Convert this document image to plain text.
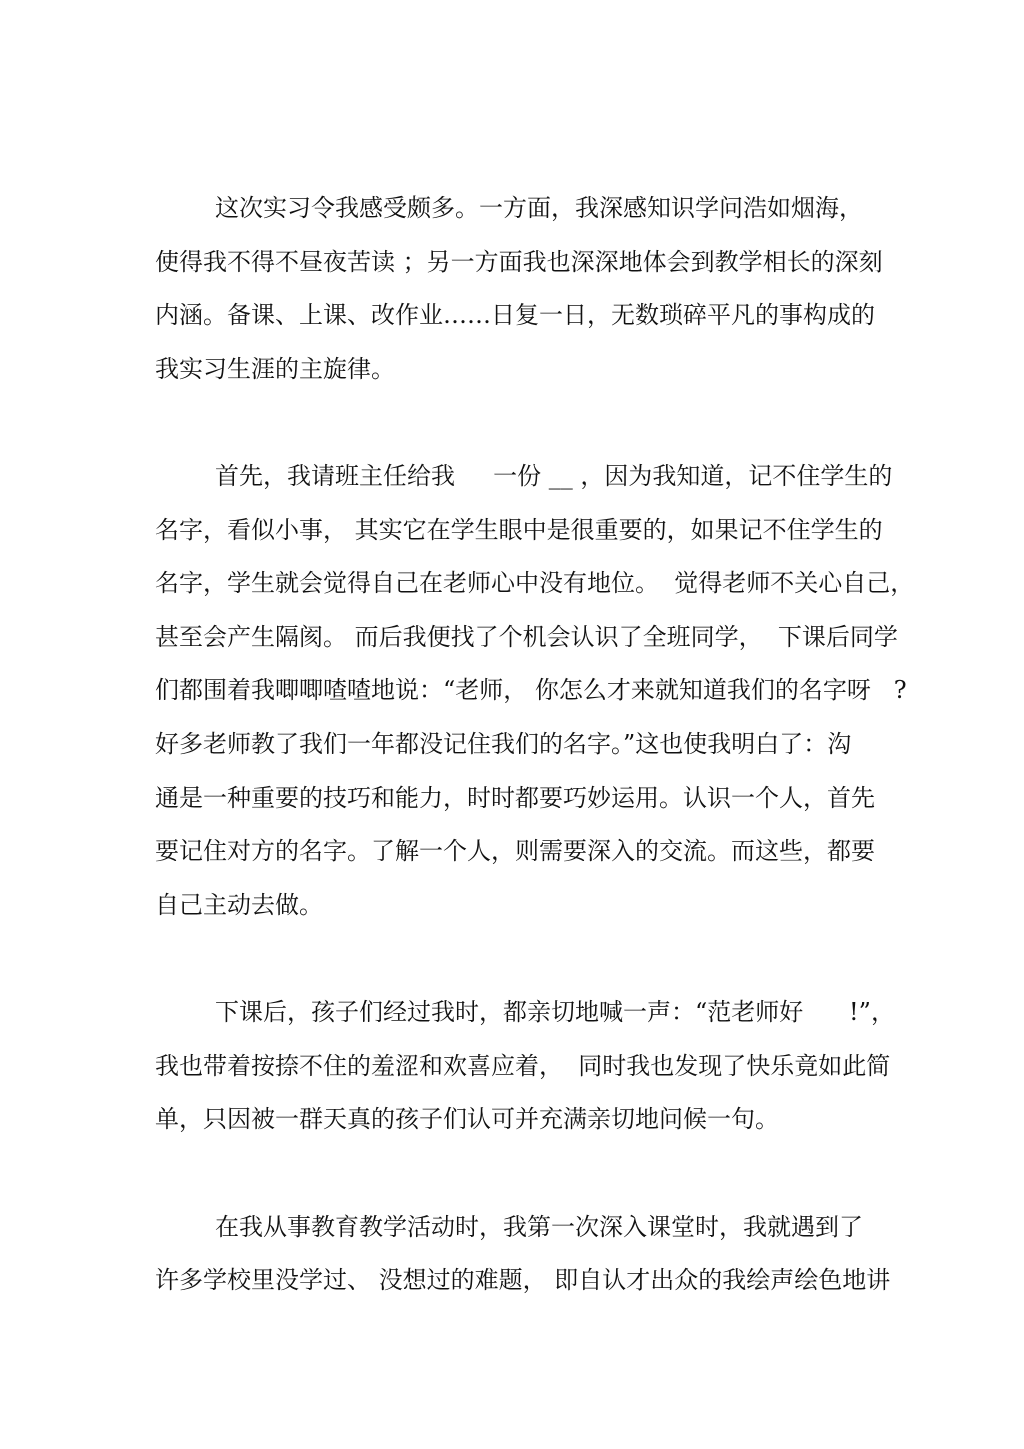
这次实习令我感受颇多。一方面，我深感知识学问浩如烟海，

使得我不得不昼夜苦读 ；另一方面我也深深地体会到教学相长的深刻

内涵。备课、上课、改作业……日复一日，无数琐碎平凡的事构成的

我实习生涯的主旋律。

首先，我请班主任给我     一份 __ ，因为我知道，记不住学生的

名字，看似小事， 其实它在学生眼中是很重要的，如果记不住学生的

名字，学生就会觉得自己在老师心中没有地位。  觉得老师不关心自己，

甚至会产生隔阂。 而后我便找了个机会认识了全班同学，  下课后同学

们都围着我唧唧喳喳地说：“老师， 你怎么才来就知道我们的名字呀   ?

好多老师教了我们一年都没记住我们的名字。”这也使我明白了：沟

通是一种重要的技巧和能力，时时都要巧妙运用。认识一个人，首先

要记住对方的名字。了解一个人，则需要深入的交流。而这些，都要

自己主动去做。

下课后，孩子们经过我时，都亲切地喊一声：“范老师好      !”，

我也带着按捺不住的羞涩和欢喜应着，  同时我也发现了快乐竟如此简

单，只因被一群天真的孩子们认可并充满亲切地问候一句。

在我从事教育教学活动时，我第一次深入课堂时，我就遇到了

许多学校里没学过、 没想过的难题， 即自认才出众的我绘声绘色地讲
